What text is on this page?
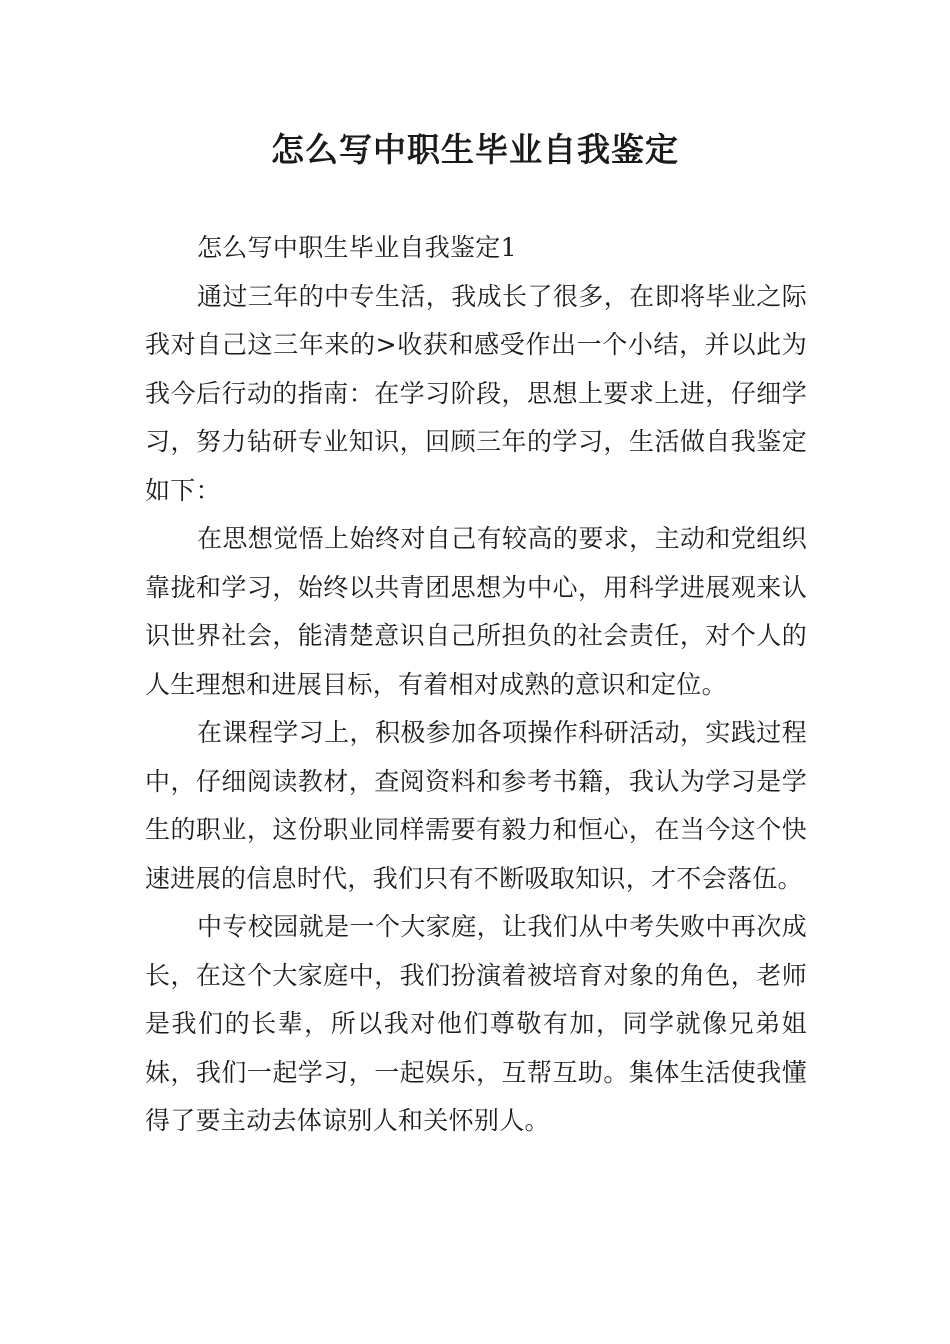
怎么写中职生毕业自我鉴定

怎么写中职生毕业自我鉴定1

通过三年的中专生活，我成长了很多，在即将毕业之际我对自己这三年来的>收获和感受作出一个小结，并以此为我今后行动的指南：在学习阶段，思想上要求上进，仔细学习，努力钻研专业知识，回顾三年的学习，生活做自我鉴定如下：

在思想觉悟上始终对自己有较高的要求，主动和党组织靠拢和学习，始终以共青团思想为中心，用科学进展观来认识世界社会，能清楚意识自己所担负的社会责任，对个人的人生理想和进展目标，有着相对成熟的意识和定位。

在课程学习上，积极参加各项操作科研活动，实践过程中，仔细阅读教材，查阅资料和参考书籍，我认为学习是学生的职业，这份职业同样需要有毅力和恒心，在当今这个快速进展的信息时代，我们只有不断吸取知识，才不会落伍。

中专校园就是一个大家庭，让我们从中考失败中再次成长，在这个大家庭中，我们扮演着被培育对象的角色，老师是我们的长辈，所以我对他们尊敬有加，同学就像兄弟姐妹，我们一起学习，一起娱乐，互帮互助。集体生活使我懂得了要主动去体谅别人和关怀别人。
